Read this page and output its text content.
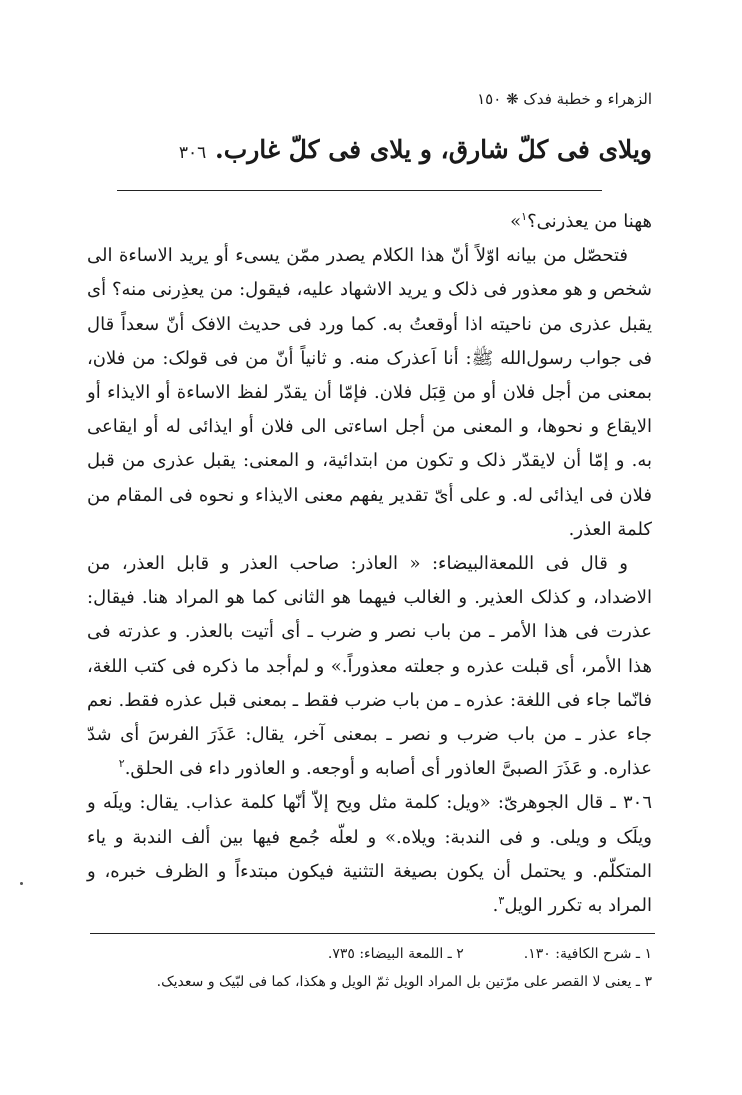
الزهراء و خطبة فدک ❋ ١٥٠
ویلای فی کلّ شارق، و یلای فی کلّ غارب. ٣٠٦

ههنا من یعذرنی؟$^١$»

فتحصّل من بیانه اوّلاً أنّ هذا الکلام یصدر ممّن یسیء أو یرید الاساءة الی شخص و هو معذور فی ذلک و یرید الاشهاد علیه، فیقول: من یعذِرنی منه؟ أی یقبل عذری من ناحیته اذا أوقعتُ به. کما ورد فی حدیث الافک أنّ سعداً قال فی جواب رسول‌الله ﷺ: أنا اَعذرک منه. و ثانیاً أنّ من فی قولک: من فلان، بمعنی من أجل فلان أو من قِبَل فلان. فإمّا أن یقدّر لفظ الاساءة أو الایذاء أو الایقاع و نحوها، و المعنی من أجل اساءتی الی فلان أو ایذائی له أو ایقاعی به. و إمّا أن لایقدّر ذلک و تکون من ابتدائیة، و المعنی: یقبل عذری من قبل فلان فی ایذائی له. و علی أیّ تقدیر یفهم معنی الایذاء و نحوه فی المقام من کلمة العذر.

و قال فی اللمعةالبیضاء: « العاذر: صاحب العذر و قابل العذر، من الاضداد، و کذلک العذیر. و الغالب فیهما هو الثانی کما هو المراد هنا. فیقال: عذرت فی هذا الأمر ـ من باب نصر و ضرب ـ أی أتیت بالعذر. و عذرته فی هذا الأمر، أی قبلت عذره و جعلته معذوراً.» و لم‌أجد ما ذکره فی کتب اللغة، فانّما جاء فی اللغة: عذره ـ من باب ضرب فقط ـ بمعنی قبل عذره فقط. نعم جاء عذر ـ من باب ضرب و نصر ـ بمعنی آخر، یقال: عَذَرَ الفرسَ أی شدّ عذاره. و عَذَرَ الصبیَّ العاذور أی أصابه و أوجعه. و العاذور داء فی الحلق.$^٢$

٣٠٦ ـ قال الجوهریّ: «ویل: کلمة مثل ویح إلاّ أنّها کلمة عذاب. یقال: ویلَه و ویلَک و ویلی. و فی الندبة: ویلاه.» و لعلّه جُمع فیها بین ألف الندبة و یاء المتکلّم. و یحتمل أن یکون بصیغة التثنیة فیکون مبتدءاً و الظرف خبره، و المراد به تکرر الویل$^٣$.

١ ـ شرح الکافیة: ١٣٠.٢ ـ اللمعة البیضاء: ٧٣٥.

٣ ـ یعنی لا القصر علی مرّتین بل المراد الویل ثمّ الویل و هکذا، کما فی لبّیک و سعدیک.
